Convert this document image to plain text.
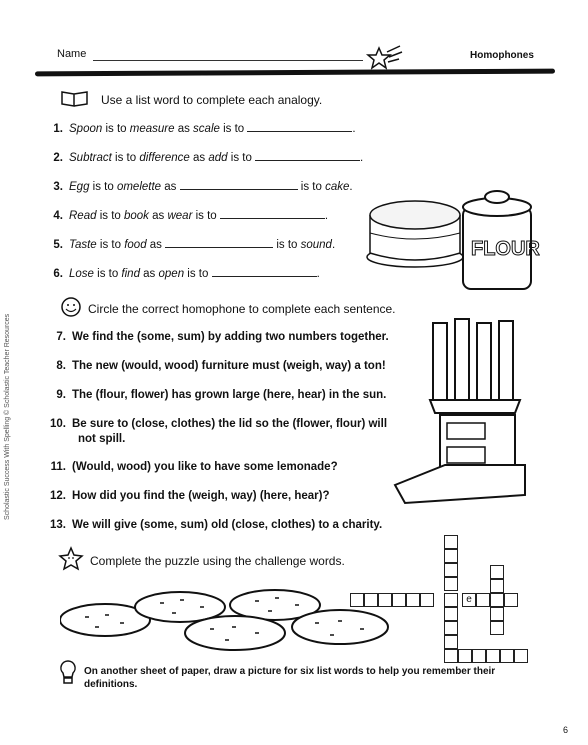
Name	Homophones
Use a list word to complete each analogy.
1. Spoon is to measure as scale is to	.
2. Subtract is to difference as add is to	.
3. Egg is to omelette as	is to cake.
4. Read is to book as wear is to	.
5. Taste is to food as	is to sound.
6. Lose is to find as open is to	.
FLOUR
Circle the correct homophone to complete each sentence.
7. We find the (some, sum) by adding two numbers together.
8. The new (would, wood) furniture must (weigh, way) a ton!
9. The (flour, flower) has grown large (here, hear) in the sun.
10. Be sure to (close, clothes) the lid so the (flower, flour) will
not spill.
11. (Would, wood) you like to have some lemonade?
12. How did you find the (weigh, way) (here, hear)?
13. We will give (some, sum) old (close, clothes) to a charity.
Complete the puzzle using the challenge words.
e
On another sheet of paper, draw a picture for six list words to help you remember their definitions.
Scholastic Success With Spelling © Scholastic Teacher Resources
6
